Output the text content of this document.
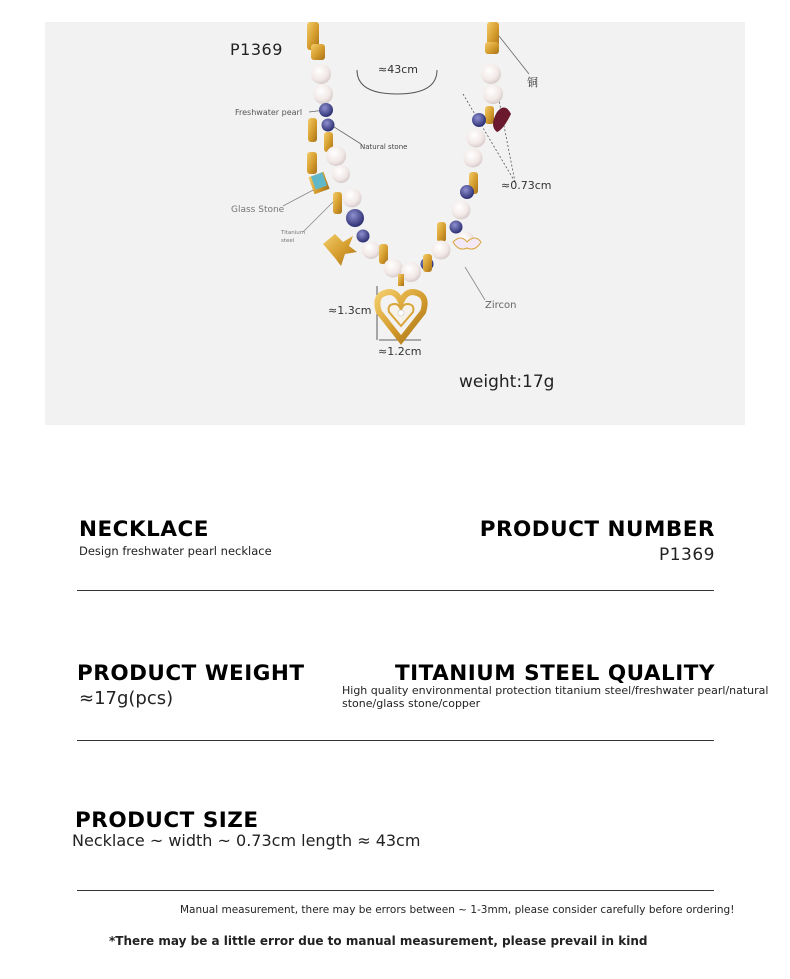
P1369
≈43cm
铜
Freshwater pearl
Natural stone
≈0.73cm
Glass Stone
Titanium steel
Zircon
≈1.3cm
≈1.2cm
weight:17g
NECKLACE
Design freshwater pearl necklace
PRODUCT NUMBER
P1369
PRODUCT WEIGHT
≈17g(pcs)
TITANIUM STEEL QUALITY
High quality environmental protection titanium steel/freshwater pearl/natural stone/glass stone/copper
PRODUCT SIZE
Necklace ~ width ~ 0.73cm length ≈ 43cm
Manual measurement, there may be errors between ~ 1-3mm, please consider carefully before ordering!
*There may be a little error due to manual measurement, please prevail in kind
